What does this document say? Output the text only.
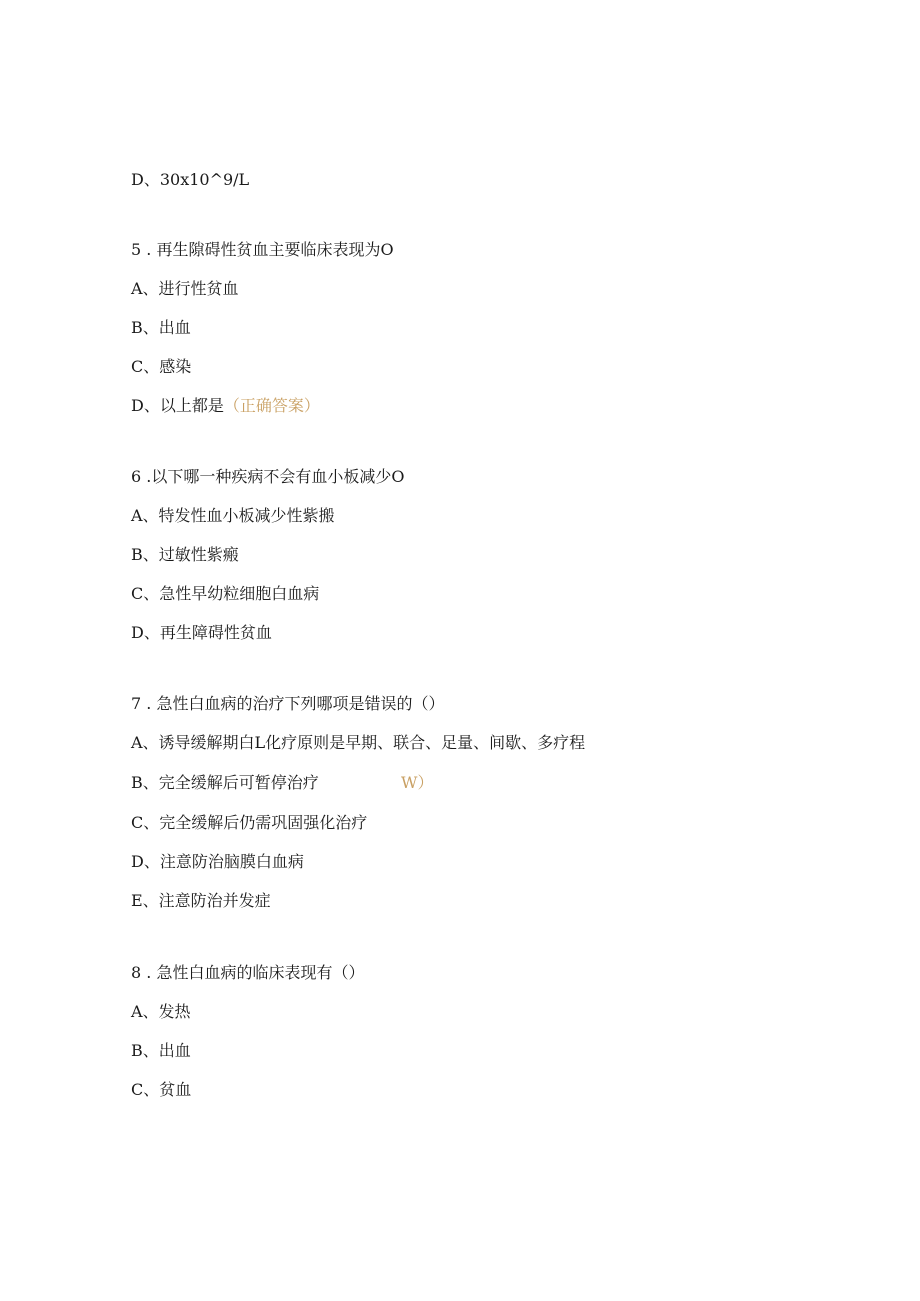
D、30x10^9/L
5 . 再生隙碍性贫血主要临床表现为O
A、进行性贫血
B、出血
C、感染
D、以上都是（正确答案）
6 .以下哪一种疾病不会有血小板减少O
A、特发性血小板减少性紫搬
B、过敏性紫瘢
C、急性早幼粒细胞白血病
D、再生障碍性贫血
7 . 急性白血病的治疗下列哪项是错误的（）
A、诱导缓解期白L化疗原则是早期、联合、足量、间歇、多疗程
B、完全缓解后可暂停治疗	W）
C、完全缓解后仍需巩固强化治疗
D、注意防治脑膜白血病
E、注意防治并发症
8 . 急性白血病的临床表现有（）
A、发热
B、出血
C、贫血
